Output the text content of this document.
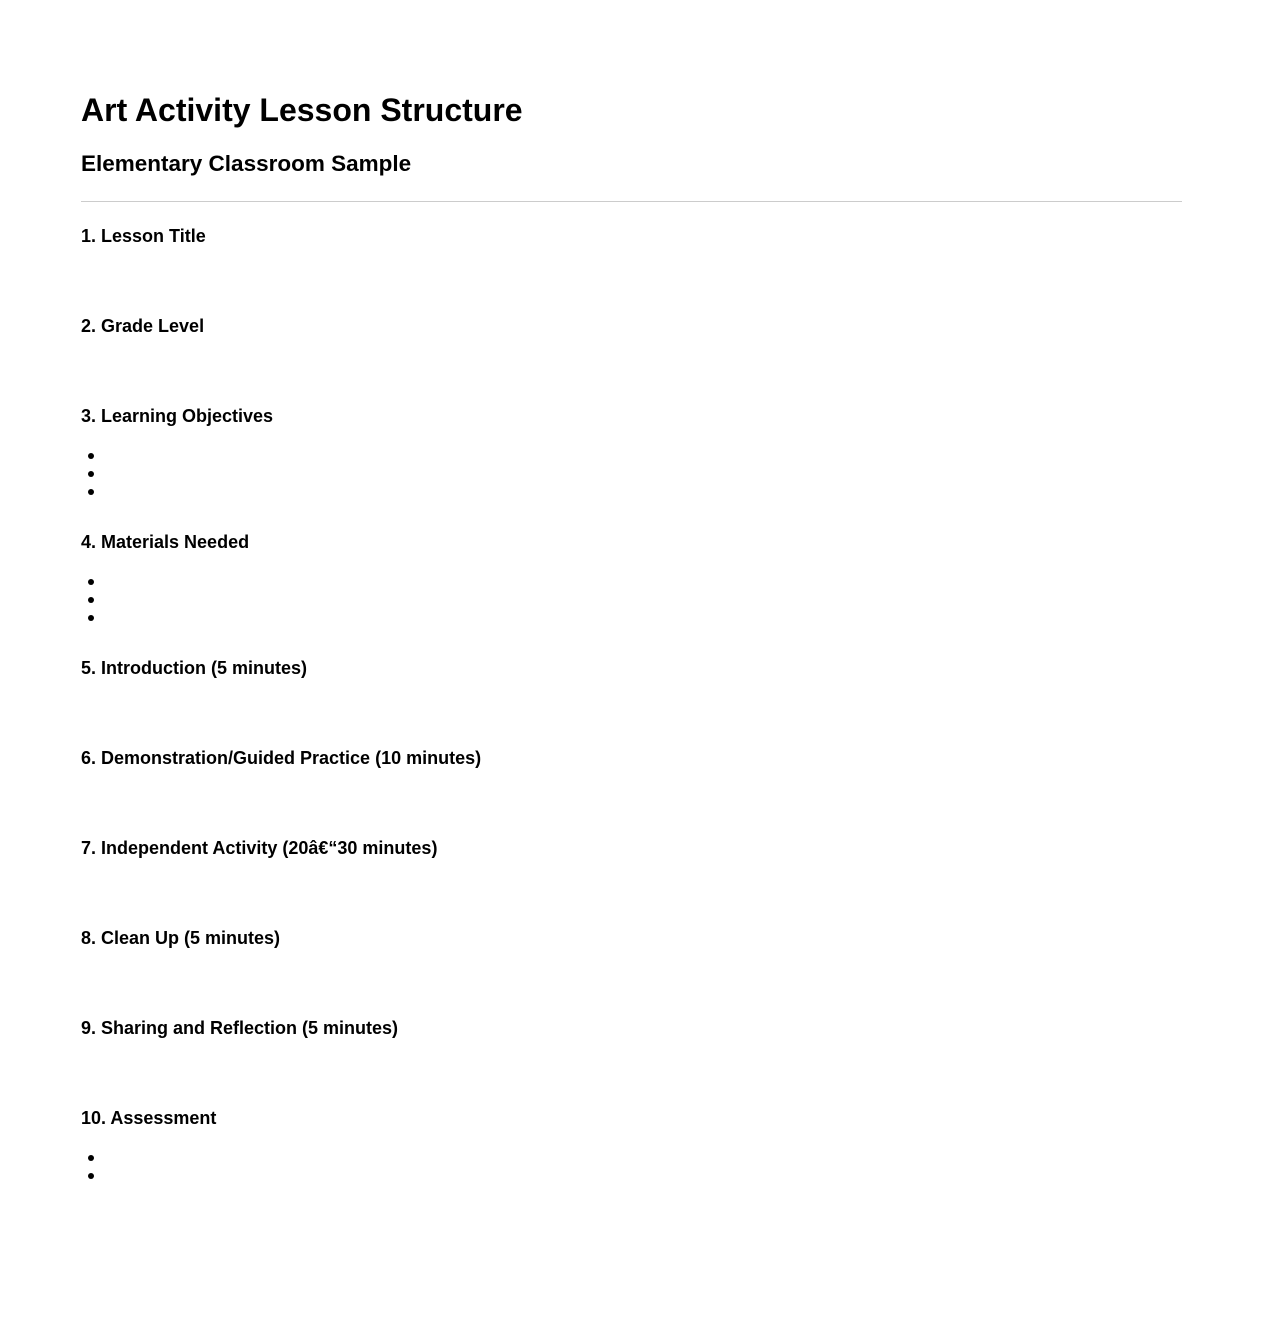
Art Activity Lesson Structure
Elementary Classroom Sample
1. Lesson Title
2. Grade Level
3. Learning Objectives
4. Materials Needed
5. Introduction (5 minutes)
6. Demonstration/Guided Practice (10 minutes)
7. Independent Activity (20â€“30 minutes)
8. Clean Up (5 minutes)
9. Sharing and Reflection (5 minutes)
10. Assessment
